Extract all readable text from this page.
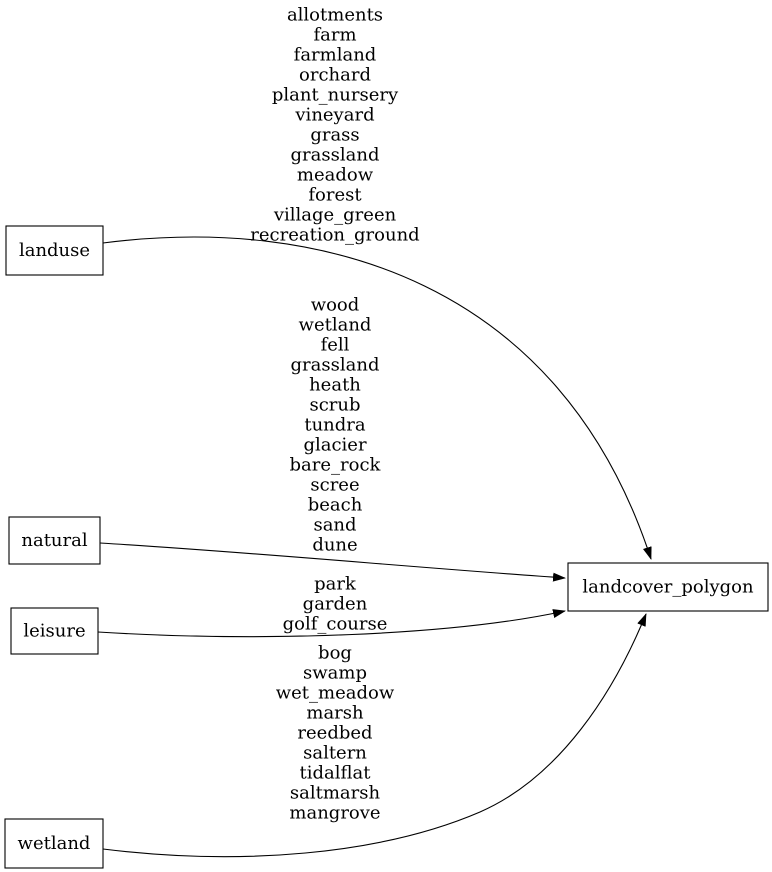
allotments
farm
farmland
orchard
plant_nursery
vineyard
grass
grassland
meadow
forest
village_green
recreation_ground
wood
wetland
fell
grassland
heath
scrub
tundra
glacier
bare_rock
scree
beach
sand
dune
park
garden
golf_course
bog
swamp
wet_meadow
marsh
reedbed
saltern
tidalflat
saltmarsh
mangrove
landuse
natural
leisure
wetland
landcover_polygon
